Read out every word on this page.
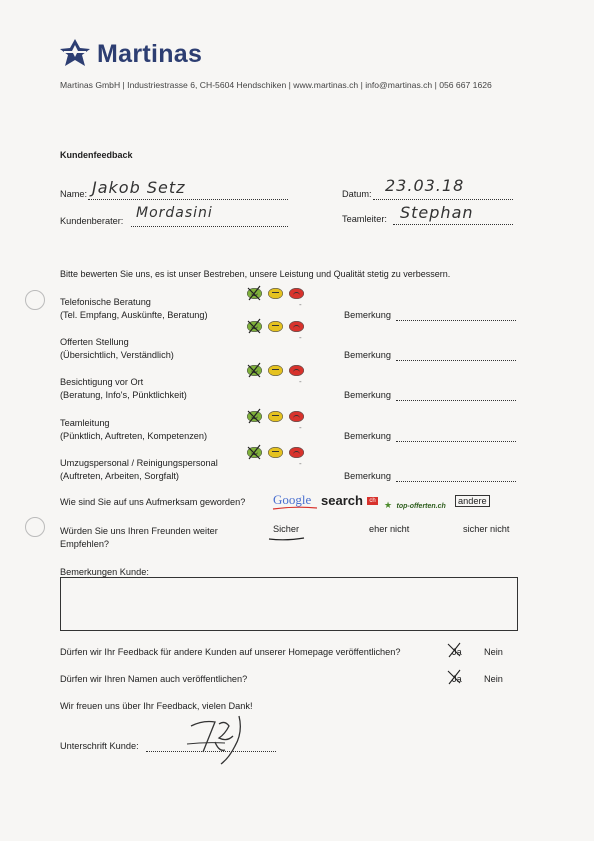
Martinas
Martinas GmbH | Industriestrasse 6, CH-5604 Hendschiken | www.martinas.ch | info@martinas.ch | 056 667 1626
Kundenfeedback
Name: Jakob Setz	Datum: 23.03.18
Kundenberater: Mordasini	Teamleiter: Stephan
Bitte bewerten Sie uns, es ist unser Bestreben, unsere Leistung und Qualität stetig zu verbessern.
Telefonische Beratung
(Tel. Empfang, Auskünfte, Beratung)	Bemerkung
-
Offerten Stellung
(Übersichtlich, Verständlich)	Bemerkung
-
Besichtigung vor Ort
(Beratung, Info's, Pünktlichkeit)	Bemerkung
-
Teamleitung
(Pünktlich, Auftreten, Kompetenzen)	Bemerkung
-
Umzugspersonal / Reinigungspersonal
(Auftreten, Arbeiten, Sorgfalt)	Bemerkung
-
Wie sind Sie auf uns Aufmerksam geworden? Google search ch ★ top-offerten.ch
andere
Würden Sie uns Ihren Freunden weiter
Empfehlen?
Sicher	eher nicht	sicher nicht
Bemerkungen Kunde:
Dürfen wir Ihr Feedback für andere Kunden auf unserer Homepage veröffentlichen?	Ja Nein
Dürfen wir Ihren Namen auch veröffentlichen?	Ja Nein
Wir freuen uns über Ihr Feedback, vielen Dank!
Unterschrift Kunde:
